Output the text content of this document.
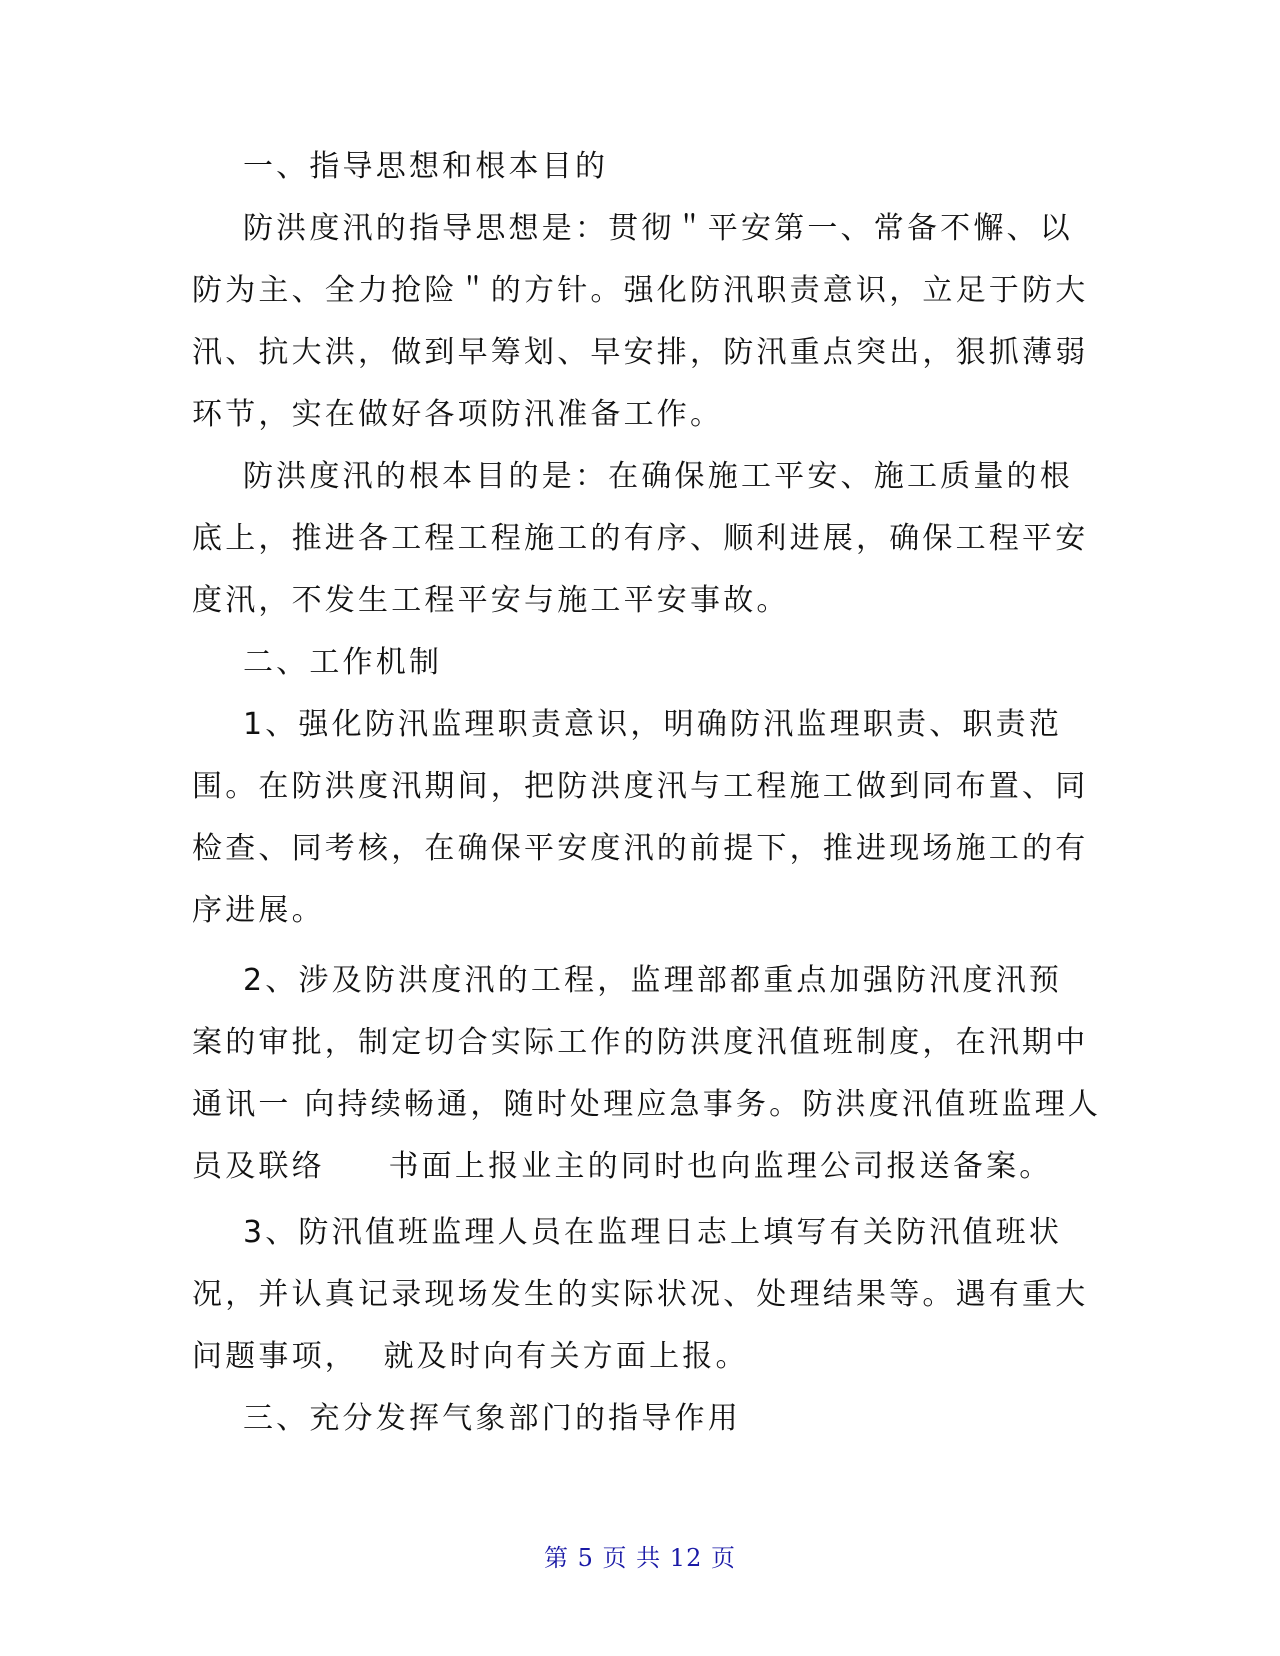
一、指导思想和根本目的
防洪度汛的指导思想是：贯彻＂平安第一、常备不懈、以
防为主、全力抢险＂的方针。强化防汛职责意识，立足于防大
汛、抗大洪，做到早筹划、早安排，防汛重点突出，狠抓薄弱
环节，实在做好各项防汛准备工作。
防洪度汛的根本目的是：在确保施工平安、施工质量的根
底上，推进各工程工程施工的有序、顺利进展，确保工程平安
度汛，不发生工程平安与施工平安事故。
二、工作机制
1、强化防汛监理职责意识，明确防汛监理职责、职责范
围。在防洪度汛期间，把防洪度汛与工程施工做到同布置、同
检查、同考核，在确保平安度汛的前提下，推进现场施工的有
序进展。
2、涉及防洪度汛的工程，监理部都重点加强防汛度汛预
案的审批，制定切合实际工作的防洪度汛值班制度，在汛期中
通讯一 向持续畅通，随时处理应急事务。防洪度汛值班监理人
员及联络     书面上报业主的同时也向监理公司报送备案。
3、防汛值班监理人员在监理日志上填写有关防汛值班状
况，并认真记录现场发生的实际状况、处理结果等。遇有重大
问题事项，  就及时向有关方面上报。
三、充分发挥气象部门的指导作用
第 5 页 共 12 页
